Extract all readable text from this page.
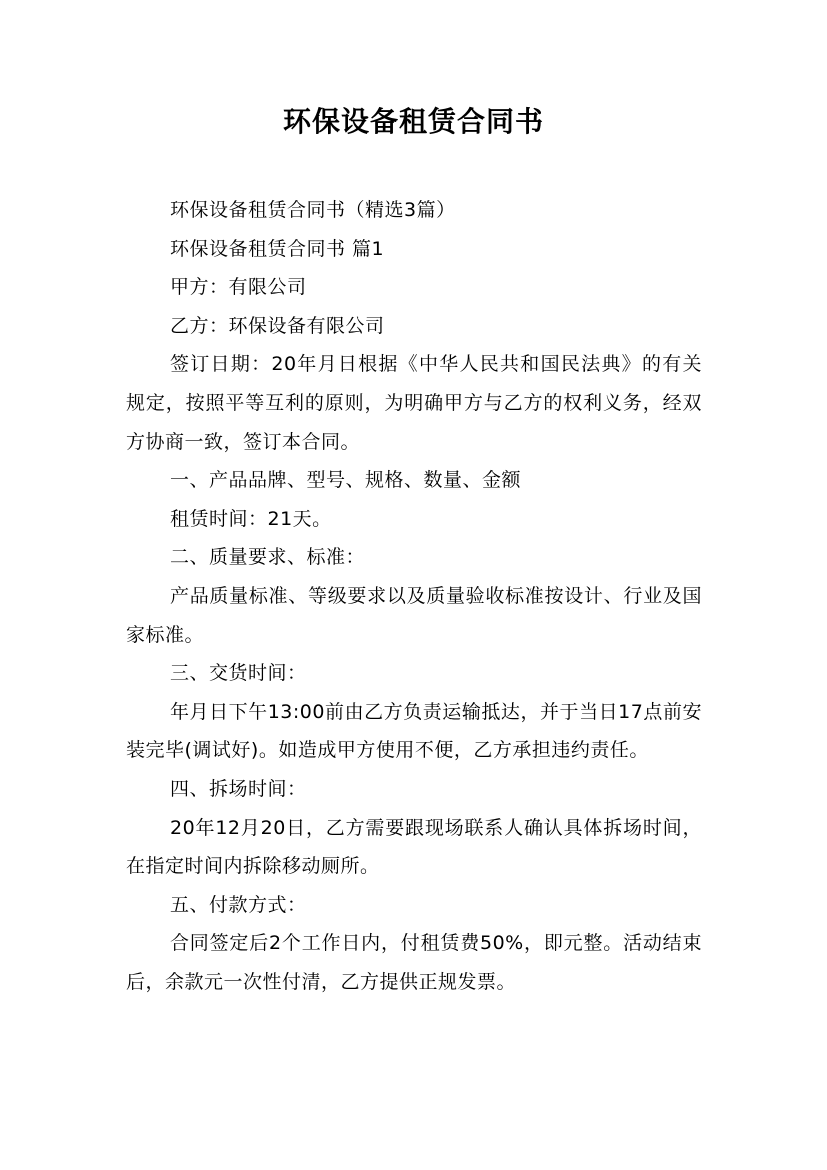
环保设备租赁合同书

环保设备租赁合同书（精选3篇）

环保设备租赁合同书 篇1

甲方：有限公司

乙方：环保设备有限公司

签订日期：20年月日根据《中华人民共和国民法典》的有关规定，按照平等互利的原则，为明确甲方与乙方的权利义务，经双方协商一致，签订本合同。

一、产品品牌、型号、规格、数量、金额

租赁时间：21天。

二、质量要求、标准：

产品质量标准、等级要求以及质量验收标准按设计、行业及国家标准。

三、交货时间：

年月日下午13:00前由乙方负责运输抵达，并于当日17点前安装完毕(调试好)。如造成甲方使用不便，乙方承担违约责任。

四、拆场时间：

20年12月20日，乙方需要跟现场联系人确认具体拆场时间，在指定时间内拆除移动厕所。

五、付款方式：

合同签定后2个工作日内，付租赁费50%，即元整。活动结束后，余款元一次性付清，乙方提供正规发票。
